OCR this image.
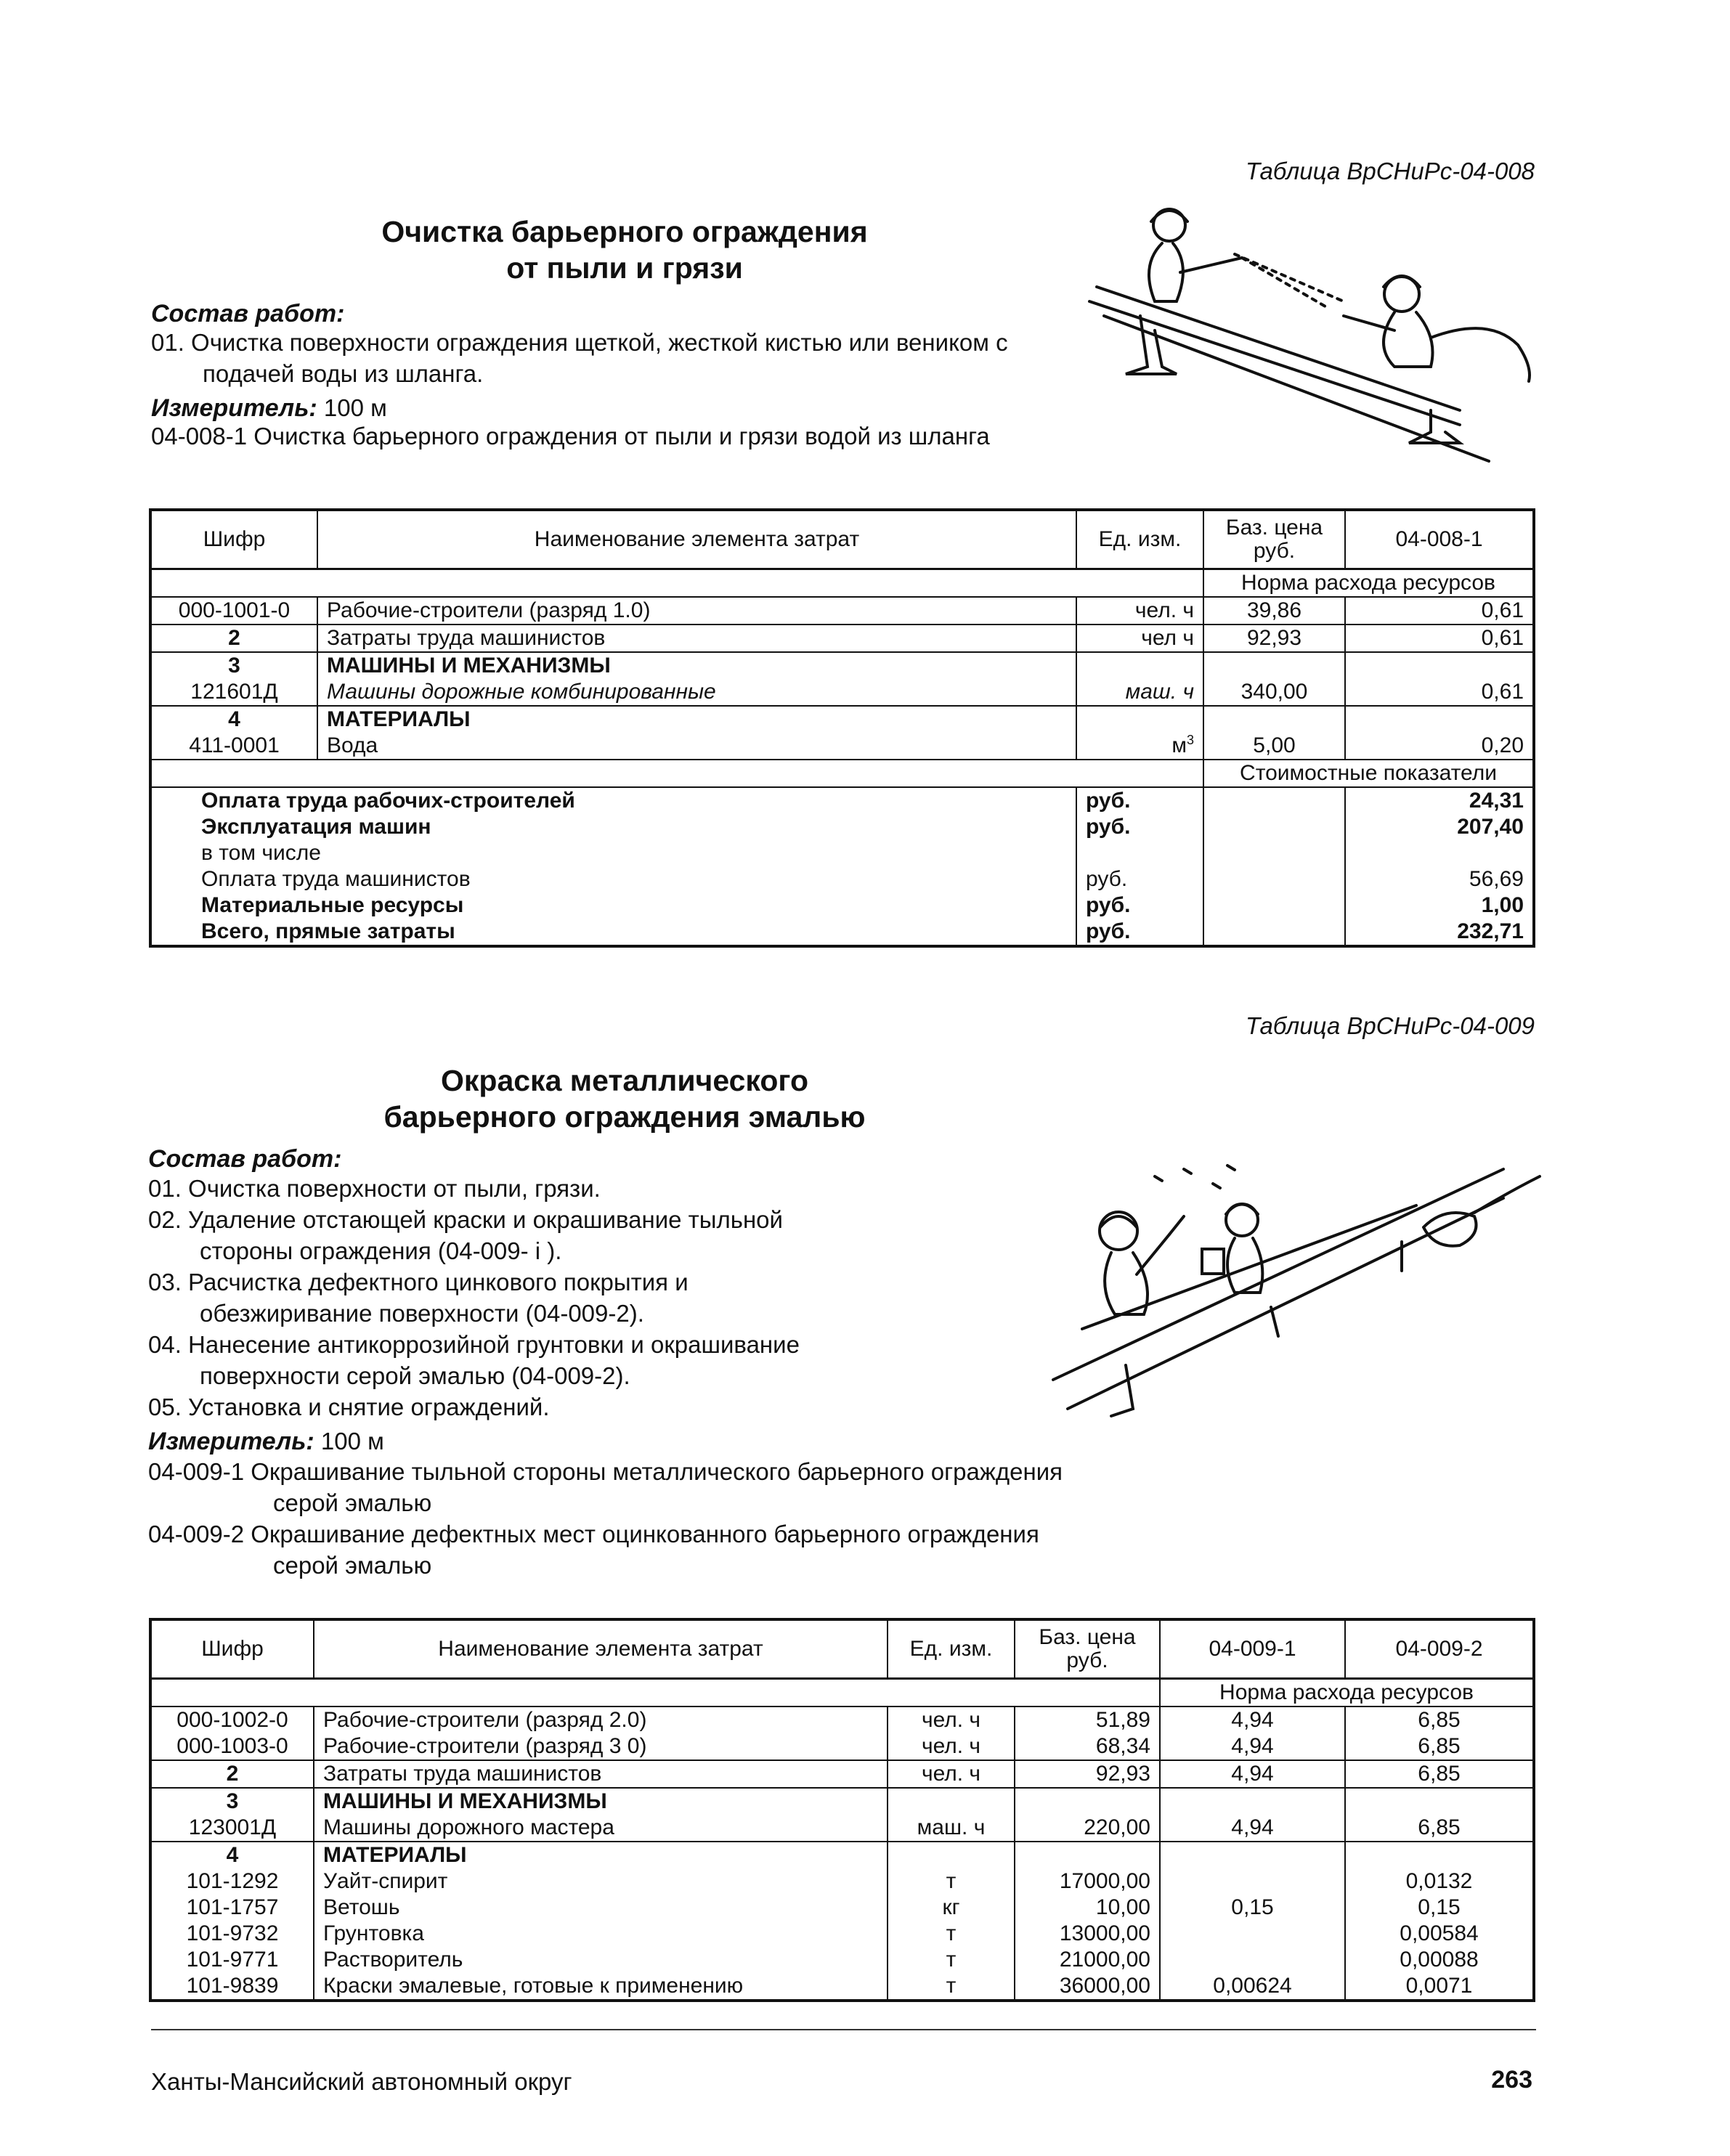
Таблица ВрСНиРс-04-008
Очистка барьерного ограждения
от пыли и грязи
Состав работ:
01. Очистка поверхности ограждения щеткой, жесткой кистью или веником с подачей воды из шланга.
Измеритель: 100 м
04-008-1 Очистка барьерного ограждения от пыли и грязи водой из шланга
Шифр	Наименование элемента затрат	Ед. изм.	Баз. цена руб.	04-008-1
			Норма расхода ресурсов	
000-1001-0	Рабочие-строители (разряд 1.0)	чел. ч	39,86	0,61
2	Затраты труда машинистов	чел ч	92,93	0,61
3	МАШИНЫ И МЕХАНИЗМЫ			
121601Д	Машины дорожные комбинированные	маш. ч	340,00	0,61
4	МАТЕРИАЛЫ			
411-0001	Вода	$м^3$	5,00	0,20
			Стоимостные показатели	
Оплата труда рабочих-строителей		руб.		24,31
Эксплуатация машин		руб.		207,40
в том числе				
Оплата труда машинистов		руб.		56,69
Материальные ресурсы		руб.		1,00
Всего, прямые затраты		руб.		232,71
Таблица ВрСНиРс-04-009
Окраска металлического
барьерного ограждения эмалью
Состав работ:
01. Очистка поверхности от пыли, грязи.
02. Удаление отстающей краски и окрашивание тыльной стороны ограждения (04-009- i ).
03. Расчистка дефектного цинкового покрытия и обезжиривание поверхности (04-009-2).
04. Нанесение антикоррозийной грунтовки и окрашивание поверхности серой эмалью (04-009-2).
05. Установка и снятие ограждений.
Измеритель: 100 м
04-009-1 Окрашивание тыльной стороны металлического барьерного ограждения серой эмалью
04-009-2 Окрашивание дефектных мест оцинкованного барьерного ограждения серой эмалью
Шифр	Наименование элемента затрат	Ед. изм.	Баз. цена руб.	04-009-1	04-009-2
				Норма расхода ресурсов	
000-1002-0	Рабочие-строители (разряд 2.0)	чел. ч	51,89	4,94	6,85
000-1003-0	Рабочие-строители (разряд 3 0)	чел. ч	68,34	4,94	6,85
2	Затраты труда машинистов	чел. ч	92,93	4,94	6,85
3	МАШИНЫ И МЕХАНИЗМЫ				
123001Д	Машины дорожного мастера	маш. ч	220,00	4,94	6,85
4	МАТЕРИАЛЫ				
101-1292	Уайт-спирит	т	17000,00		0,0132
101-1757	Ветошь	кг	10,00	0,15	0,15
101-9732	Грунтовка	т	13000,00		0,00584
101-9771	Растворитель	т	21000,00		0,00088
101-9839	Краски эмалевые, готовые к применению	т	36000,00	0,00624	0,0071
Ханты-Мансийский автономный округ	263
